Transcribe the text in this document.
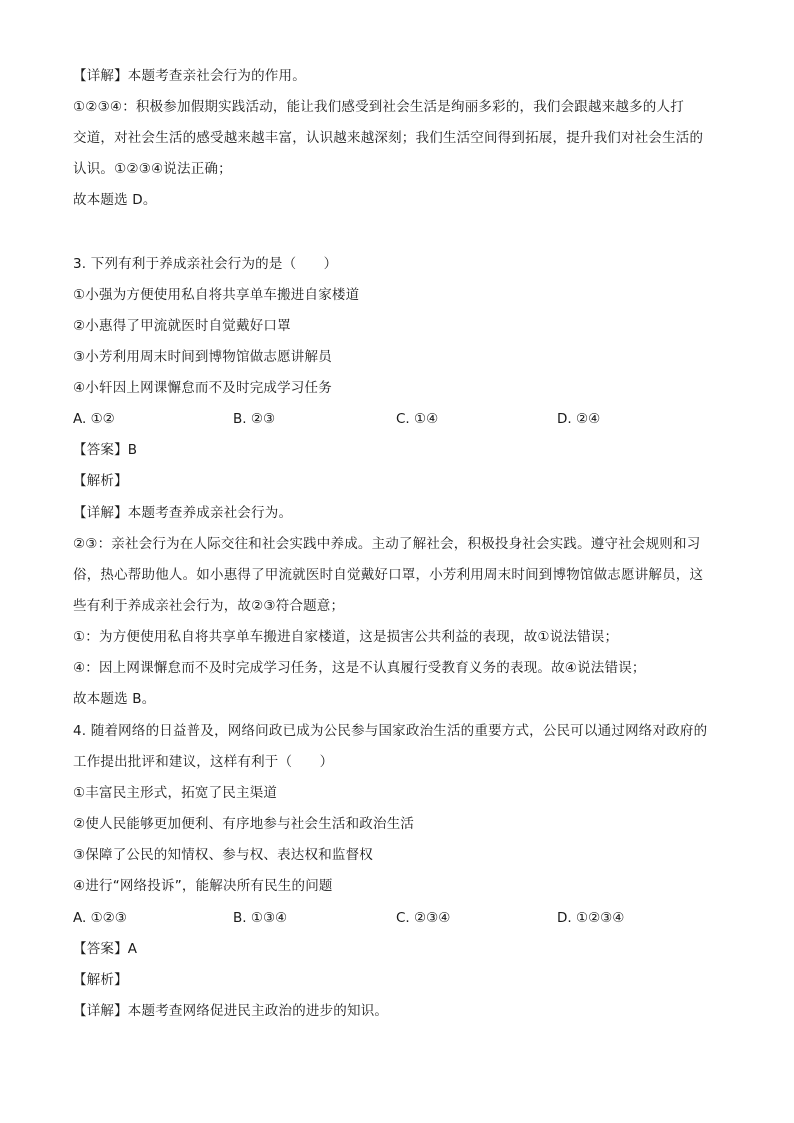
【详解】本题考查亲社会行为的作用。
①②③④：积极参加假期实践活动，能让我们感受到社会生活是绚丽多彩的，我们会跟越来越多的人打
交道，对社会生活的感受越来越丰富，认识越来越深刻；我们生活空间得到拓展，提升我们对社会生活的
认识。①②③④说法正确；
故本题选 D。
3. 下列有利于养成亲社会行为的是（　　）
①小强为方便使用私自将共享单车搬进自家楼道
②小惠得了甲流就医时自觉戴好口罩
③小芳利用周末时间到博物馆做志愿讲解员
④小轩因上网课懈怠而不及时完成学习任务
A. ①②	B. ②③	C. ①④	D. ②④
【答案】B
【解析】
【详解】本题考查养成亲社会行为。
②③：亲社会行为在人际交往和社会实践中养成。主动了解社会，积极投身社会实践。遵守社会规则和习
俗，热心帮助他人。如小惠得了甲流就医时自觉戴好口罩，小芳利用周末时间到博物馆做志愿讲解员，这
些有利于养成亲社会行为，故②③符合题意；
①：为方便使用私自将共享单车搬进自家楼道，这是损害公共利益的表现，故①说法错误；
④：因上网课懈怠而不及时完成学习任务，这是不认真履行受教育义务的表现。故④说法错误；
故本题选 B。
4. 随着网络的日益普及，网络问政已成为公民参与国家政治生活的重要方式，公民可以通过网络对政府的
工作提出批评和建议，这样有利于（　　）
①丰富民主形式，拓宽了民主渠道
②使人民能够更加便利、有序地参与社会生活和政治生活
③保障了公民的知情权、参与权、表达权和监督权
④进行“网络投诉”，能解决所有民生的问题
A. ①②③	B. ①③④	C. ②③④	D. ①②③④
【答案】A
【解析】
【详解】本题考查网络促进民主政治的进步的知识。
